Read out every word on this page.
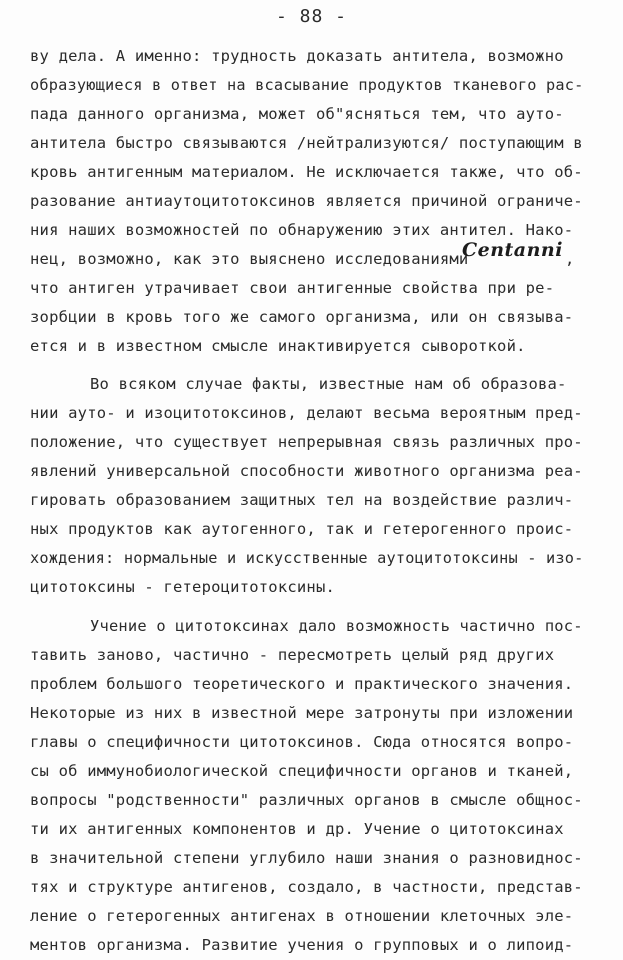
- 88 -
ву дела. А именно: трудность доказать антитела, возможно
образующиеся в ответ на всасывание продуктов тканевого рас-
пада данного организма, может об"ясняться тем, что ауто-
антитела быстро связываются /нейтрализуются/ поступающим в
кровь антигенным материалом. Не исключается также, что об-
разование антиаутоцитотоксинов является причиной ограниче-
ния наших возможностей по обнаружению этих антител. Нако-
нец, возможно, как это выяснено исследованиями
Centanni ,
что антиген утрачивает свои антигенные свойства при ре-
зорбции в кровь того же самого организма, или он связыва-
ется и в известном смысле инактивируется сывороткой.
Во всяком случае факты, известные нам об образова-
нии ауто- и изоцитотоксинов, делают весьма вероятным пред-
положение, что существует непрерывная связь различных про-
явлений универсальной способности животного организма реа-
гировать образованием защитных тел на воздействие различ-
ных продуктов как аутогенного, так и гетерогенного проис-
хождения: нормальные и искусственные аутоцитотоксины - изо-
цитотоксины - гетероцитотоксины.
Учение о цитотоксинах дало возможность частично пос-
тавить заново, частично - пересмотреть целый ряд других
проблем большого теоретического и практического значения.
Некоторые из них в известной мере затронуты при изложении
главы о специфичности цитотоксинов. Сюда относятся вопро-
сы об иммунобиологической специфичности органов и тканей,
вопросы "родственности" различных органов в смысле общнос-
ти их антигенных компонентов и др. Учение о цитотоксинах
в значительной степени углубило наши знания о разновиднос-
тях и структуре антигенов, создало, в частности, представ-
ление о гетерогенных антигенах в отношении клеточных эле-
ментов организма. Развитие учения о групповых и о липоид-
